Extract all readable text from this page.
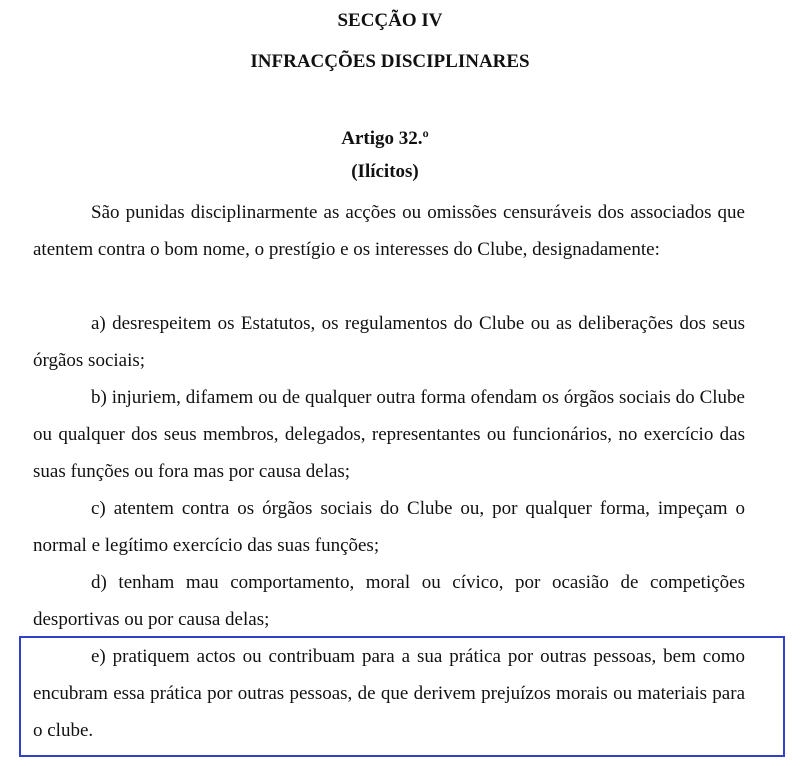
SECÇÃO IV
INFRACÇÕES DISCIPLINARES
Artigo 32.º
(Ilícitos)
São punidas disciplinarmente as acções ou omissões censuráveis dos associados que atentem contra o bom nome, o prestígio e os interesses do Clube, designadamente:
a) desrespeitem os Estatutos, os regulamentos do Clube ou as deliberações dos seus órgãos sociais;
b) injuriem, difamem ou de qualquer outra forma ofendam os órgãos sociais do Clube ou qualquer dos seus membros, delegados, representantes ou funcionários, no exercício das suas funções ou fora mas por causa delas;
c) atentem contra os órgãos sociais do Clube ou, por qualquer forma, impeçam o normal e legítimo exercício das suas funções;
d) tenham mau comportamento, moral ou cívico, por ocasião de competições desportivas ou por causa delas;
e) pratiquem actos ou contribuam para a sua prática por outras pessoas, bem como encubram essa prática por outras pessoas, de que derivem prejuízos morais ou materiais para o clube.
